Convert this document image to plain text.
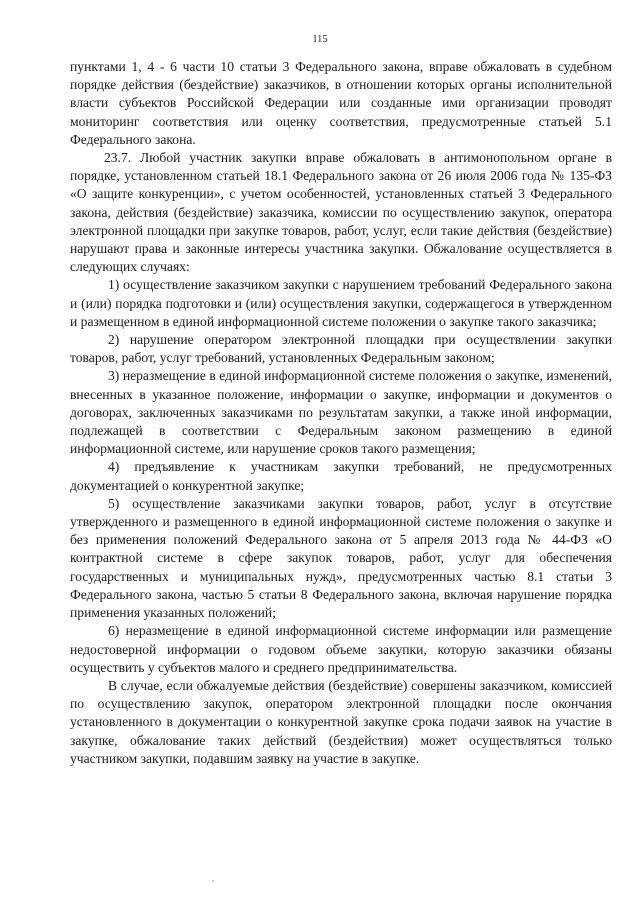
115

пунктами 1, 4 - 6 части 10 статьи 3 Федерального закона, вправе обжаловать в судебном порядке действия (бездействие) заказчиков, в отношении которых органы исполнительной власти субъектов Российской Федерации или созданные ими организации проводят мониторинг соответствия или оценку соответствия, предусмотренные статьей 5.1 Федерального закона.

23.7. Любой участник закупки вправе обжаловать в антимонопольном органе в порядке, установленном статьей 18.1 Федерального закона от 26 июля 2006 года № 135-ФЗ «О защите конкуренции», с учетом особенностей, установленных статьей 3 Федерального закона, действия (бездействие) заказчика, комиссии по осуществлению закупок, оператора электронной площадки при закупке товаров, работ, услуг, если такие действия (бездействие) нарушают права и законные интересы участника закупки. Обжалование осуществляется в следующих случаях:

1) осуществление заказчиком закупки с нарушением требований Федерального закона и (или) порядка подготовки и (или) осуществления закупки, содержащегося в утвержденном и размещенном в единой информационной системе положении о закупке такого заказчика;

2) нарушение оператором электронной площадки при осуществлении закупки товаров, работ, услуг требований, установленных Федеральным законом;

3) неразмещение в единой информационной системе положения о закупке, изменений, внесенных в указанное положение, информации о закупке, информации и документов о договорах, заключенных заказчиками по результатам закупки, а также иной информации, подлежащей в соответствии с Федеральным законом размещению в единой информационной системе, или нарушение сроков такого размещения;

4) предъявление к участникам закупки требований, не предусмотренных документацией о конкурентной закупке;

5) осуществление заказчиками закупки товаров, работ, услуг в отсутствие утвержденного и размещенного в единой информационной системе положения о закупке и без применения положений Федерального закона от 5 апреля 2013 года № 44-ФЗ «О контрактной системе в сфере закупок товаров, работ, услуг для обеспечения государственных и муниципальных нужд», предусмотренных частью 8.1 статьи 3 Федерального закона, частью 5 статьи 8 Федерального закона, включая нарушение порядка применения указанных положений;

6) неразмещение в единой информационной системе информации или размещение недостоверной информации о годовом объеме закупки, которую заказчики обязаны осуществить у субъектов малого и среднего предпринимательства.

В случае, если обжалуемые действия (бездействие) совершены заказчиком, комиссией по осуществлению закупок, оператором электронной площадки после окончания установленного в документации о конкурентной закупке срока подачи заявок на участие в закупке, обжалование таких действий (бездействия) может осуществляться только участником закупки, подавшим заявку на участие в закупке.
